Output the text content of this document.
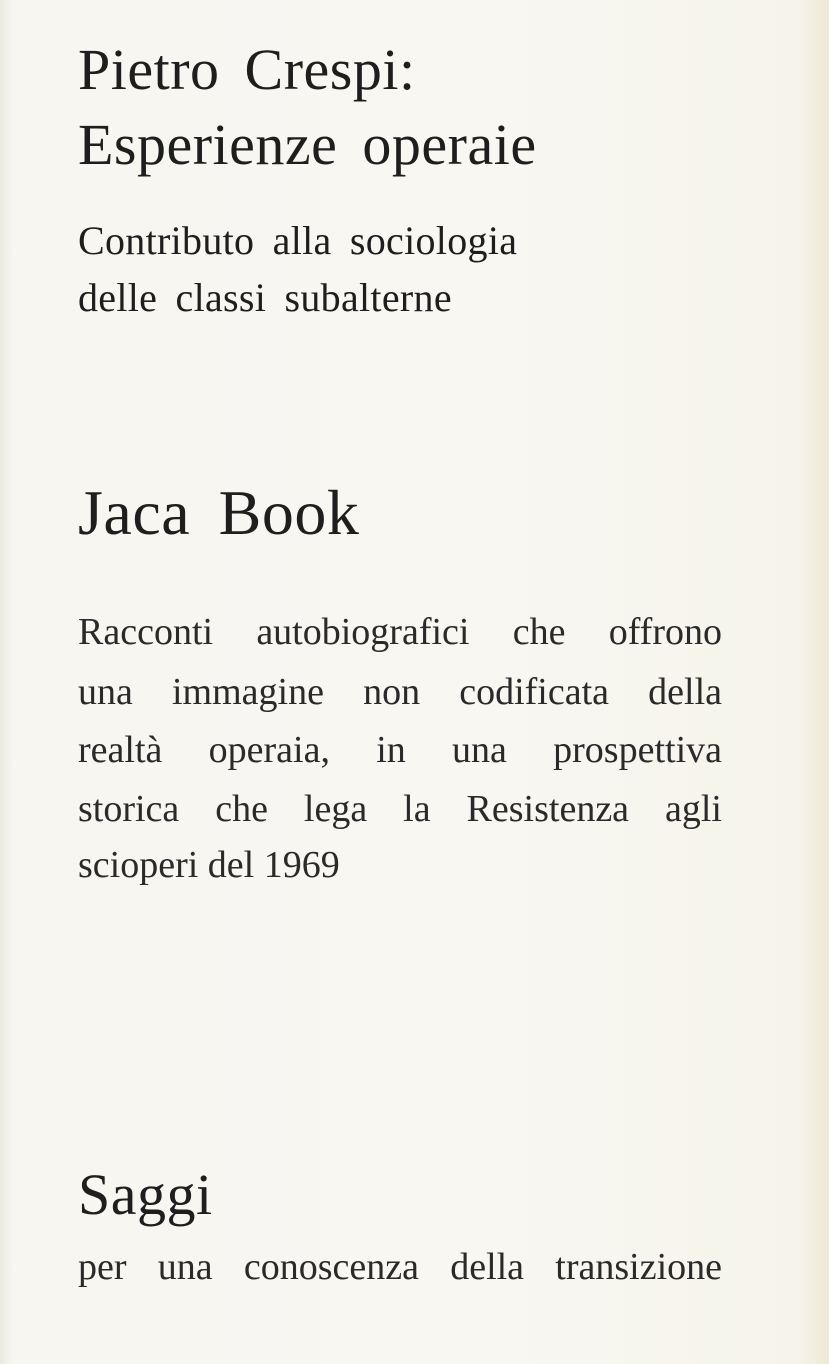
Pietro Crespi:
Esperienze operaie
Contributo alla sociologia
delle classi subalterne
Jaca Book
Racconti autobiografici che offrono
una immagine non codificata della
realtà operaia, in una prospettiva
storica che lega la Resistenza agli
scioperi del 1969
Saggi
per una conoscenza della transizione
